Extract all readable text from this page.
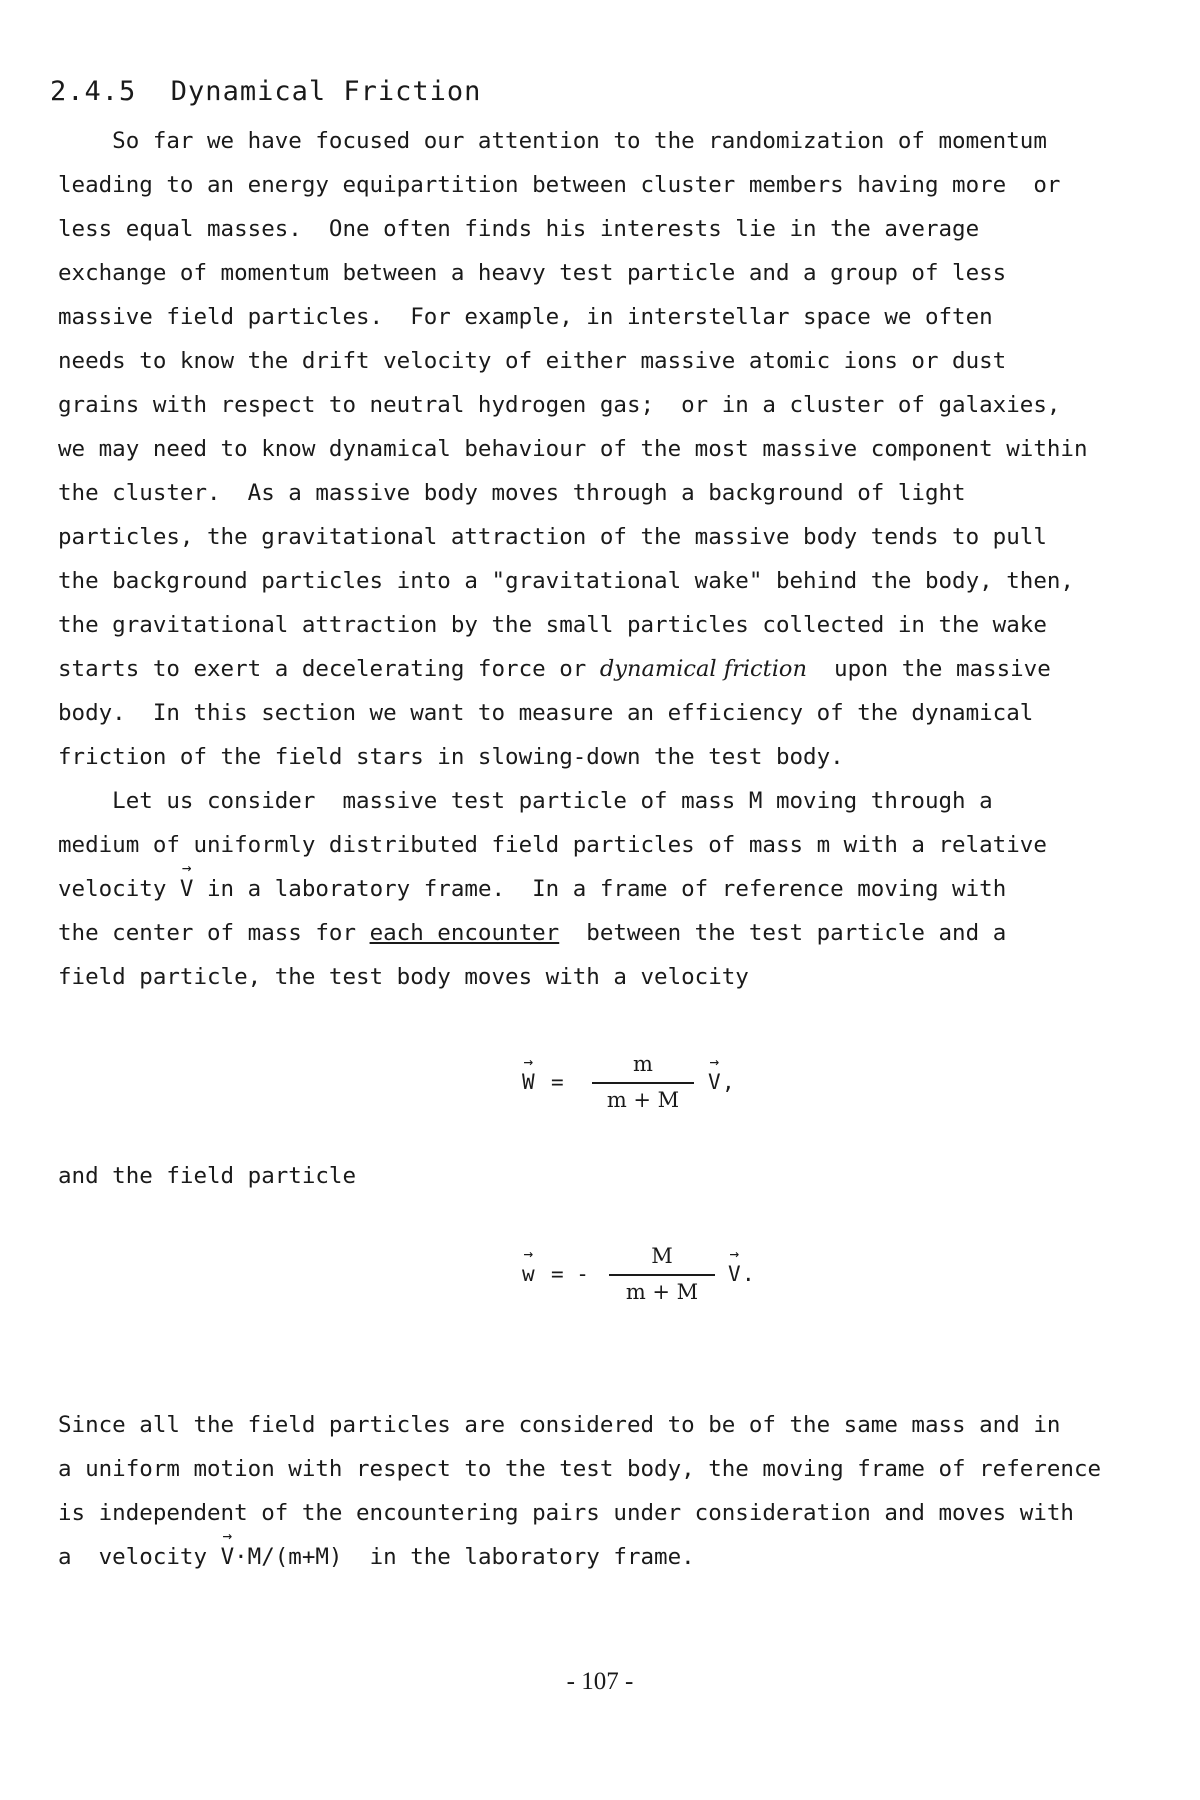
2.4.5 Dynamical Friction
So far we have focused our attention to the randomization of momentum
leading to an energy equipartition between cluster members having more  or
less equal masses.  One often finds his interests lie in the average
exchange of momentum between a heavy test particle and a group of less
massive field particles.  For example, in interstellar space we often
needs to know the drift velocity of either massive atomic ions or dust
grains with respect to neutral hydrogen gas;  or in a cluster of galaxies,
we may need to know dynamical behaviour of the most massive component within
the cluster.  As a massive body moves through a background of light
particles, the gravitational attraction of the massive body tends to pull
the background particles into a "gravitational wake" behind the body, then,
the gravitational attraction by the small particles collected in the wake
starts to exert a decelerating force or dynamical friction  upon the massive
body.  In this section we want to measure an efficiency of the dynamical
friction of the field stars in slowing-down the test body.
Let us consider  massive test particle of mass M moving through a
medium of uniformly distributed field particles of mass m with a relative
velocity → V in a laboratory frame.  In a frame of reference moving with
the center of mass for each encounter  between the test particle and a
field particle, the test body moves with a velocity
→ W =
m
m + M
→ V ,
and the field particle
→ w = -
M
m + M
→ V .
Since all the field particles are considered to be of the same mass and in
a uniform motion with respect to the test body, the moving frame of reference
is independent of the encountering pairs under consideration and moves with
a  velocity → V·M/(m+M)  in the laboratory frame.
- 107 -
